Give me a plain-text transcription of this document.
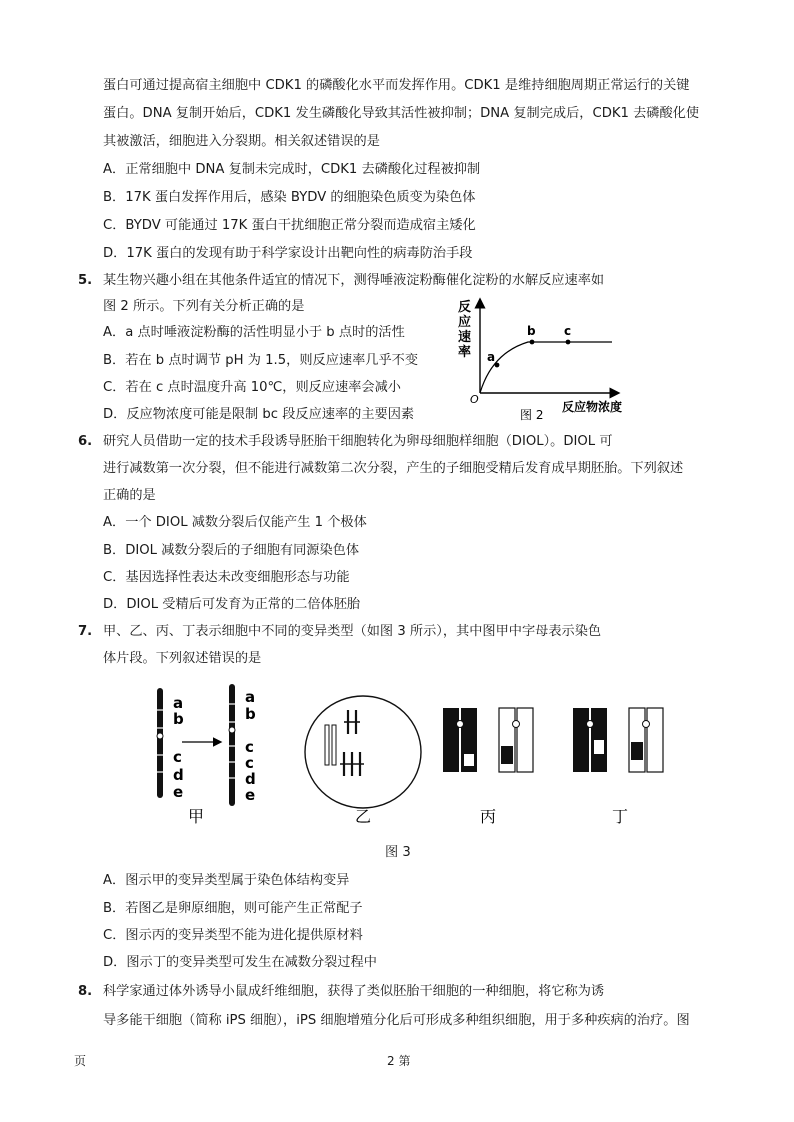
蛋白可通过提高宿主细胞中 CDK1 的磷酸化水平而发挥作用。CDK1 是维持细胞周期正常运行的关键
蛋白。DNA 复制开始后，CDK1 发生磷酸化导致其活性被抑制；DNA 复制完成后，CDK1 去磷酸化使
其被激活，细胞进入分裂期。相关叙述错误的是
A．正常细胞中 DNA 复制未完成时，CDK1 去磷酸化过程被抑制
B．17K 蛋白发挥作用后，感染 BYDV 的细胞染色质变为染色体
C．BYDV 可能通过 17K 蛋白干扰细胞正常分裂而造成宿主矮化
D．17K 蛋白的发现有助于科学家设计出靶向性的病毒防治手段
5. 某生物兴趣小组在其他条件适宜的情况下，测得唾液淀粉酶催化淀粉的水解反应速率如
图 2 所示。下列有关分析正确的是
A．a 点时唾液淀粉酶的活性明显小于 b 点时的活性
B．若在 b 点时调节 pH 为 1.5，则反应速率几乎不变
C．若在 c 点时温度升高 10℃，则反应速率会减小
D．反应物浓度可能是限制 bc 段反应速率的主要因素
反
应
速
率
O
a
b c
图 2
反应物浓度
6. 研究人员借助一定的技术手段诱导胚胎干细胞转化为卵母细胞样细胞（DIOL）。DIOL 可
进行减数第一次分裂，但不能进行减数第二次分裂，产生的子细胞受精后发育成早期胚胎。下列叙述
正确的是
A．一个 DIOL 减数分裂后仅能产生 1 个极体
B．DIOL 减数分裂后的子细胞有同源染色体
C．基因选择性表达未改变细胞形态与功能
D．DIOL 受精后可发育为正常的二倍体胚胎
7. 甲、乙、丙、丁表示细胞中不同的变异类型（如图 3 所示），其中图甲中字母表示染色
体片段。下列叙述错误的是
a
b
c
d
e
a
b
c
c
d
e
甲	乙	丙	丁
图 3
A．图示甲的变异类型属于染色体结构变异
B．若图乙是卵原细胞，则可能产生正常配子
C．图示丙的变异类型不能为进化提供原材料
D．图示丁的变异类型可发生在减数分裂过程中
8. 科学家通过体外诱导小鼠成纤维细胞，获得了类似胚胎干细胞的一种细胞，将它称为诱
导多能干细胞（简称 iPS 细胞），iPS 细胞增殖分化后可形成多种组织细胞，用于多种疾病的治疗。图
页	2 第
